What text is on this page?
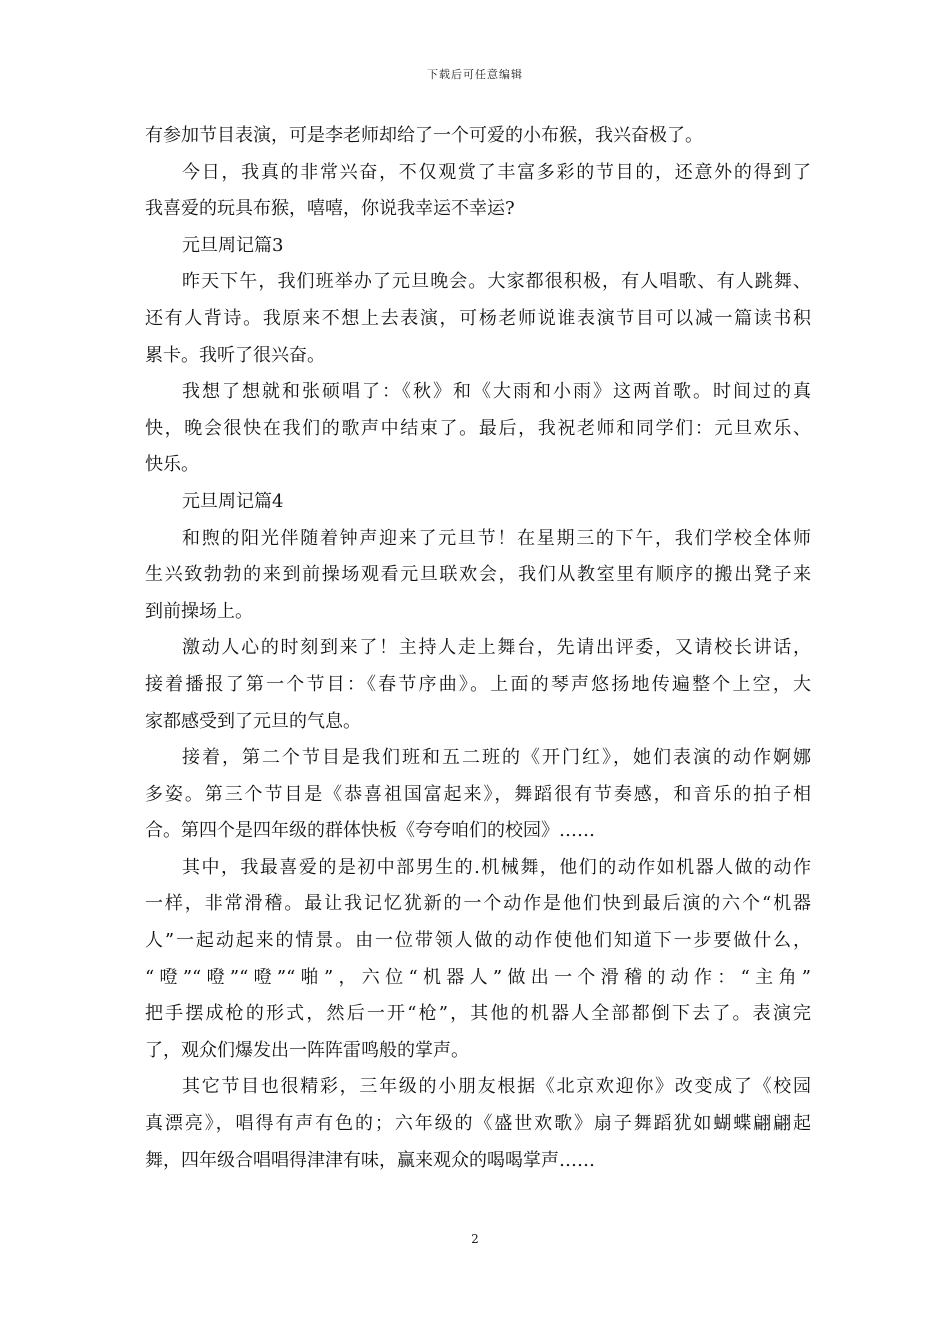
下载后可任意编辑
有参加节目表演，可是李老师却给了一个可爱的小布猴，我兴奋极了。
今日，我真的非常兴奋，不仅观赏了丰富多彩的节目的，还意外的得到了
我喜爱的玩具布猴，嘻嘻，你说我幸运不幸运?
元旦周记篇3
昨天下午，我们班举办了元旦晚会。大家都很积极，有人唱歌、有人跳舞、
还有人背诗。我原来不想上去表演，可杨老师说谁表演节目可以减一篇读书积
累卡。我听了很兴奋。
我想了想就和张硕唱了：《秋》和《大雨和小雨》这两首歌。时间过的真
快，晚会很快在我们的歌声中结束了。最后，我祝老师和同学们：元旦欢乐、
快乐。
元旦周记篇4
和煦的阳光伴随着钟声迎来了元旦节！在星期三的下午，我们学校全体师
生兴致勃勃的来到前操场观看元旦联欢会，我们从教室里有顺序的搬出凳子来
到前操场上。
激动人心的时刻到来了！主持人走上舞台，先请出评委，又请校长讲话，
接着播报了第一个节目：《春节序曲》。上面的琴声悠扬地传遍整个上空，大
家都感受到了元旦的气息。
接着，第二个节目是我们班和五二班的《开门红》，她们表演的动作婀娜
多姿。第三个节目是《恭喜祖国富起来》，舞蹈很有节奏感，和音乐的拍子相
合。第四个是四年级的群体快板《夸夸咱们的校园》……
其中，我最喜爱的是初中部男生的.机械舞，他们的动作如机器人做的动作
一样，非常滑稽。最让我记忆犹新的一个动作是他们快到最后演的六个“机器
人”一起动起来的情景。由一位带领人做的动作使他们知道下一步要做什么，
“噔”“噔”“噔”“啪”，六位“机器人”做出一个滑稽的动作：“主角”
把手摆成枪的形式，然后一开“枪”，其他的机器人全部都倒下去了。表演完
了，观众们爆发出一阵阵雷鸣般的掌声。
其它节目也很精彩，三年级的小朋友根据《北京欢迎你》改变成了《校园
真漂亮》，唱得有声有色的；六年级的《盛世欢歌》扇子舞蹈犹如蝴蝶翩翩起
舞，四年级合唱唱得津津有味，赢来观众的喝喝掌声……
2
